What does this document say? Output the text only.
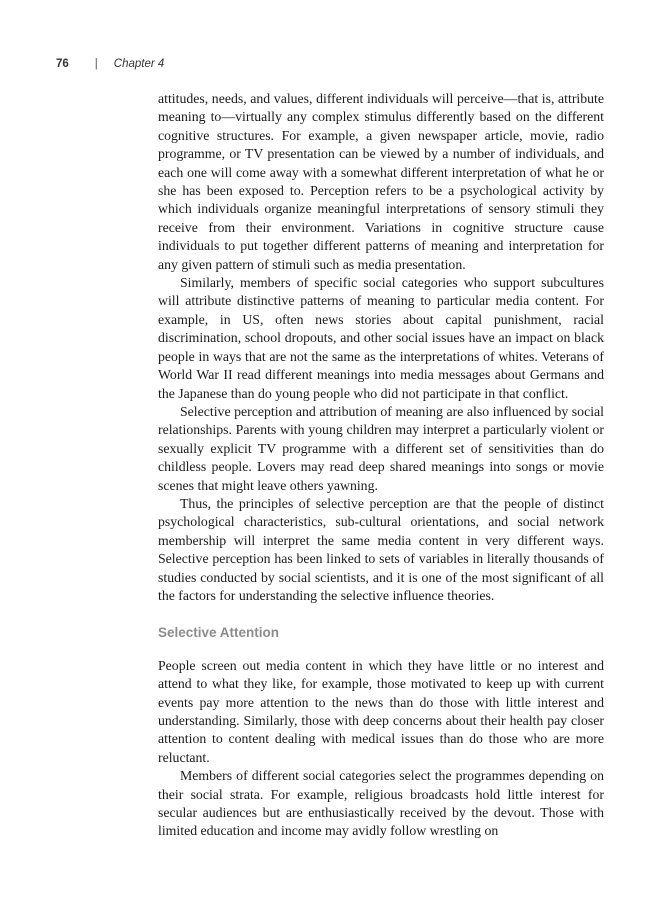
76 | Chapter 4

attitudes, needs, and values, different individuals will perceive—that is, attribute meaning to—virtually any complex stimulus differently based on the different cognitive structures. For example, a given newspaper article, movie, radio programme, or TV presentation can be viewed by a number of individuals, and each one will come away with a somewhat different interpretation of what he or she has been exposed to. Perception refers to be a psychological activity by which individuals organize meaningful interpretations of sensory stimuli they receive from their environment. Variations in cognitive structure cause individuals to put together different patterns of meaning and interpretation for any given pattern of stimuli such as media presentation.

Similarly, members of specific social categories who support subcultures will attribute distinctive patterns of meaning to particular media content. For example, in US, often news stories about capital punishment, racial discrimination, school dropouts, and other social issues have an impact on black people in ways that are not the same as the interpretations of whites. Veterans of World War II read different meanings into media messages about Germans and the Japanese than do young people who did not participate in that conflict.

Selective perception and attribution of meaning are also influenced by social relationships. Parents with young children may interpret a particularly violent or sexually explicit TV programme with a different set of sensitivities than do childless people. Lovers may read deep shared meanings into songs or movie scenes that might leave others yawning.

Thus, the principles of selective perception are that the people of distinct psychological characteristics, sub-cultural orientations, and social network membership will interpret the same media content in very different ways. Selective perception has been linked to sets of variables in literally thousands of studies conducted by social scientists, and it is one of the most significant of all the factors for understanding the selective influence theories.

Selective Attention

People screen out media content in which they have little or no interest and attend to what they like, for example, those motivated to keep up with current events pay more attention to the news than do those with little interest and understanding. Similarly, those with deep concerns about their health pay closer attention to content dealing with medical issues than do those who are more reluctant.

Members of different social categories select the programmes depending on their social strata. For example, religious broadcasts hold little interest for secular audiences but are enthusiastically received by the devout. Those with limited education and income may avidly follow wrestling on
